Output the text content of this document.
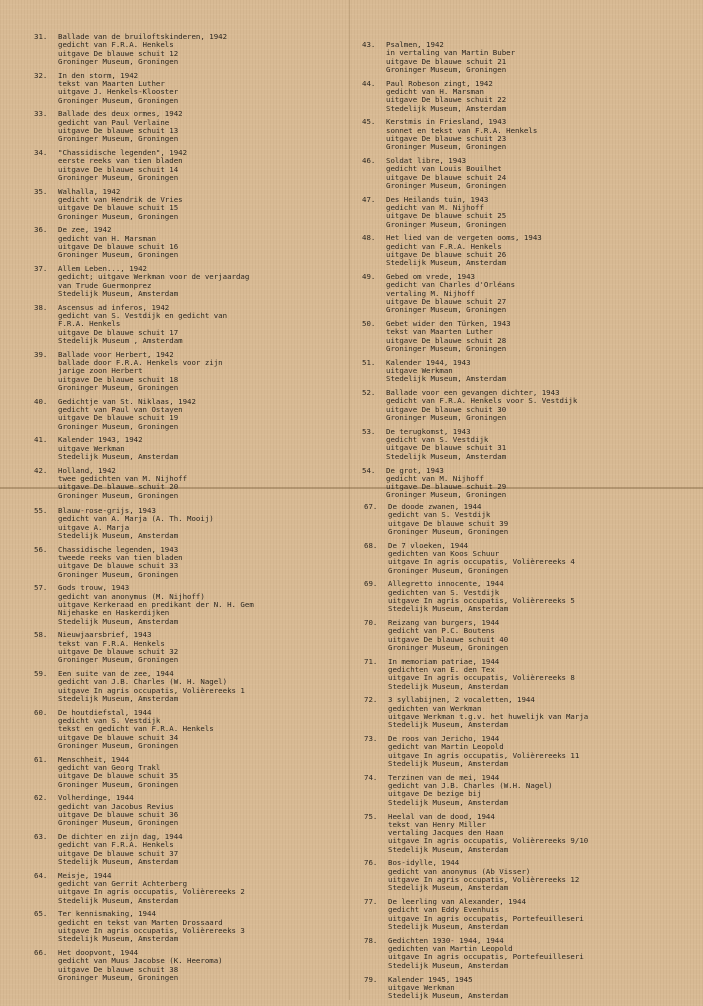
31. Ballade van de bruiloftskinderen, 1942
gedicht van F.R.A. Henkels
uitgave De blauwe schuit 12
Groninger Museum, Groningen
32. In den storm, 1942
tekst van Maarten Luther
uitgave J. Henkels-Klooster
Groninger Museum, Groningen
33. Ballade des deux ormes, 1942
gedicht van Paul Verlaine
uitgave De blauwe schuit 13
Groninger Museum, Groningen
34. "Chassidische legenden", 1942
eerste reeks van tien bladen
uitgave De blauwe schuit 14
Groninger Museum, Groningen
35. Walhalla, 1942
gedicht van Hendrik de Vries
uitgave De blauwe schuit 15
Groninger Museum, Groningen
36. De zee, 1942
gedicht van H. Marsman
uitgave De blauwe schuit 16
Groninger Museum, Groningen
37. Allem Leben..., 1942
gedicht; uitgave Werkman voor de verjaardag
van Trude Guermonprez
Stedelijk Museum, Amsterdam
38. Ascensus ad inferos, 1942
gedicht van S. Vestdijk en gedicht van
F.R.A. Henkels
uitgave De blauwe schuit 17
Stedelijk Museum , Amsterdam
39. Ballade voor Herbert, 1942
ballade door F.R.A. Henkels voor zijn
jarige zoon Herbert
uitgave De blauwe schuit 18
Groninger Museum, Groningen
40. Gedichtje van St. Niklaas, 1942
gedicht van Paul van Ostayen
uitgave De blauwe schuit 19
Groninger Museum, Groningen
41. Kalender 1943, 1942
uitgave Werkman
Stedelijk Museum, Amsterdam
42. Holland, 1942
twee gedichten van M. Nijhoff
uitgave De blauwe schuit 20
Groninger Museum, Groningen
43. Psalmen, 1942
in vertaling van Martin Buber
uitgave De blauwe schuit 21
Groninger Museum, Groningen
44. Paul Robeson zingt, 1942
gedicht van H. Marsman
uitgave De blauwe schuit 22
Stedelijk Museum, Amsterdam
45. Kerstmis in Friesland, 1943
sonnet en tekst van F.R.A. Henkels
uitgave De blauwe schuit 23
Groninger Museum, Groningen
46. Soldat libre, 1943
gedicht van Louis Bouilhet
uitgave De blauwe schuit 24
Groninger Museum, Groningen
47. Des Heilands tuin, 1943
gedicht van M. Nijhoff
uitgave De blauwe schuit 25
Groninger Museum, Groningen
48. Het lied van de vergeten ooms, 1943
gedicht van F.R.A. Henkels
uitgave De blauwe schuit 26
Stedelijk Museum, Amsterdam
49. Gebed om vrede, 1943
gedicht van Charles d'Orléans
vertaling M. Nijhoff
uitgave De blauwe schuit 27
Groninger Museum, Groningen
50. Gebet wider den Türken, 1943
tekst van Maarten Luther
uitgave De blauwe schuit 28
Groninger Museum, Groningen
51. Kalender 1944, 1943
uitgave Werkman
Stedelijk Museum, Amsterdam
52. Ballade voor een gevangen dichter, 1943
gedicht van F.R.A. Henkels voor S. Vestdijk
uitgave De blauwe schuit 30
Groninger Museum, Groningen
53. De terugkomst, 1943
gedicht van S. Vestdijk
uitgave De blauwe schuit 31
Stedelijk Museum, Amsterdam
54. De grot, 1943
gedicht van M. Nijhoff
uitgave De blauwe schuit 29
Groninger Museum, Groningen
55. Blauw-rose-grijs, 1943
gedicht van A. Marja (A. Th. Mooij)
uitgave A. Marja
Stedelijk Museum, Amsterdam
56. Chassidische legenden, 1943
tweede reeks van tien bladen
uitgave De blauwe schuit 33
Groninger Museum, Groningen
57. Gods trouw, 1943
gedicht van anonymus (M. Nijhoff)
uitgave Kerkeraad en predikant der N. H. Gem
Nijehaske en Haskerdijken
Stedelijk Museum, Amsterdam
58. Nieuwjaarsbrief, 1943
tekst van F.R.A. Henkels
uitgave De blauwe schuit 32
Groninger Museum, Groningen
59. Een suite van de zee, 1944
gedicht van J.B. Charles (W. H. Nagel)
uitgave In agris occupatis, Volièrereeks 1
Stedelijk Museum, Amsterdam
60. De houtdiefstal, 1944
gedicht van S. Vestdijk
tekst en gedicht van F.R.A. Henkels
uitgave De blauwe schuit 34
Groninger Museum, Groningen
61. Menschheit, 1944
gedicht van Georg Trakl
uitgave De blauwe schuit 35
Groninger Museum, Groningen
62. Volherdinge, 1944
gedicht van Jacobus Revius
uitgave De blauwe schuit 36
Groninger Museum, Groningen
63. De dichter en zijn dag, 1944
gedicht van F.R.A. Henkels
uitgave De blauwe schuit 37
Stedelijk Museum, Amsterdam
64. Meisje, 1944
gedicht van Gerrit Achterberg
uitgave In agris occupatis, Volièrereeks 2
Stedelijk Museum, Amsterdam
65. Ter kennismaking, 1944
gedicht en tekst van Marten Drossaard
uitgave In agris occupatis, Volièrereeks 3
Stedelijk Museum, Amsterdam
66. Het doopvont, 1944
gedicht van Muus Jacobse (K. Heeroma)
uitgave De blauwe schuit 38
Groninger Museum, Groningen
67. De doode zwanen, 1944
gedicht van S. Vestdijk
uitgave De blauwe schuit 39
Groninger Museum, Groningen
68. De 7 vloeken, 1944
gedichten van Koos Schuur
uitgave In agris occupatis, Volièrereeks 4
Groninger Museum, Groningen
69. Allegretto innocente, 1944
gedichten van S. Vestdijk
uitgave In agris occupatis, Volièrereeks 5
Stedelijk Museum, Amsterdam
70. Reizang van burgers, 1944
gedicht van P.C. Boutens
uitgave De blauwe schuit 40
Groninger Museum, Groningen
71. In memoriam patriae, 1944
gedichten van E. den Tex
uitgave In agris occupatis, Volièrereeks 8
Stedelijk Museum, Amsterdam
72. 3 syllabijnen, 2 vocaletten, 1944
gedichten van Werkman
uitgave Werkman t.g.v. het huwelijk van Marja
Stedelijk Museum, Amsterdam
73. De roos van Jericho, 1944
gedicht van Martin Leopold
uitgave In agris occupatis, Volièrereeks 11
Stedelijk Museum, Amsterdam
74. Terzinen van de mei, 1944
gedicht van J.B. Charles (W.H. Nagel)
uitgave De bezige bij
Stedelijk Museum, Amsterdam
75. Heelal van de dood, 1944
tekst van Henry Miller
vertaling Jacques den Haan
uitgave In agris occupatis, Volièrereeks 9/10
Stedelijk Museum, Amsterdam
76. Bos-idylle, 1944
gedicht van anonymus (Ab Visser)
uitgave In agris occupatis, Volièrereeks 12
Stedelijk Museum, Amsterdam
77. De leerling van Alexander, 1944
gedicht van Eddy Evenhuis
uitgave In agris occupatis, Portefeuilleseri
Stedelijk Museum, Amsterdam
78. Gedichten 1930- 1944, 1944
gedichten van Martin Leopold
uitgave In agris occupatis, Portefeuilleseri
Stedelijk Museum, Amsterdam
79. Kalender 1945, 1945
uitgave Werkman
Stedelijk Museum, Amsterdam
